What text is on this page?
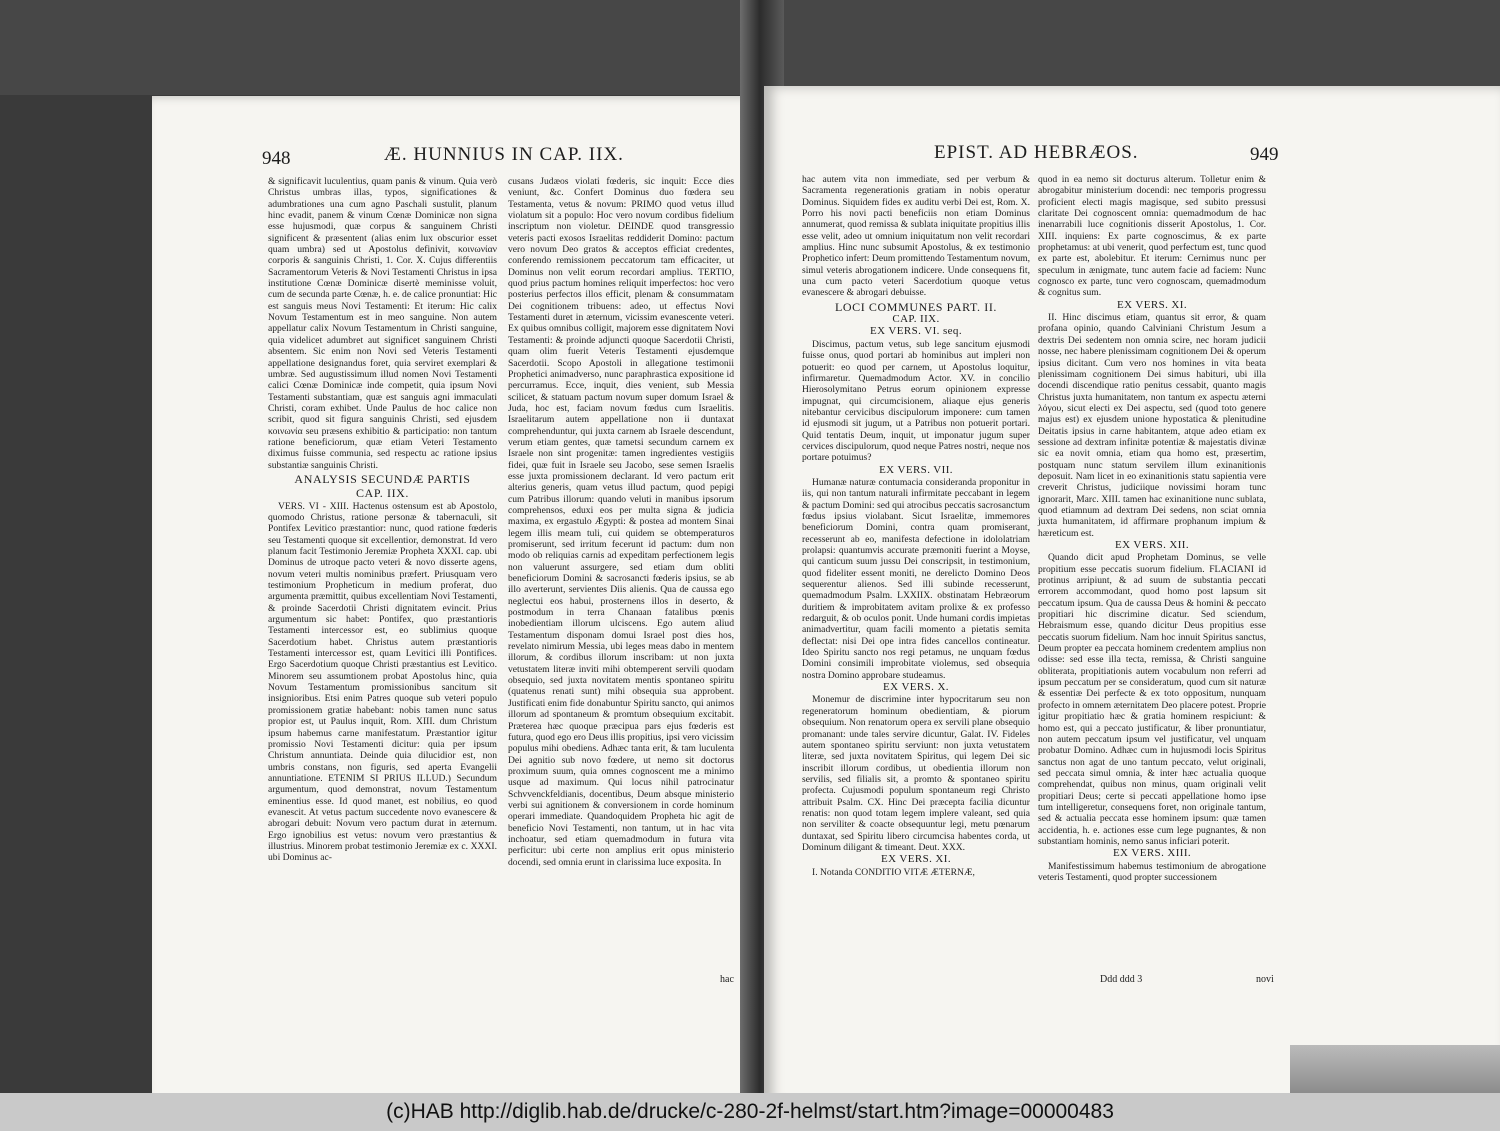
948	Æ. HUNNIUS IN CAP. IIX.

& significavit luculentius, quam panis & vinum. Quia verò Christus umbras illas, typos, significationes & adumbrationes una cum agno Paschali sustulit, planum hinc evadit, panem & vinum Cœnæ Dominicæ non signa esse hujusmodi, quæ corpus & sanguinem Christi significent & præsentent (alias enim lux obscurior esset quam umbra) sed ut Apostolus definivit, κοινωνίαν corporis & sanguinis Christi, 1. Cor. X. Cujus differentiis Sacramentorum Veteris & Novi Testamenti Christus in ipsa institutione Cœnæ Dominicæ disertè meminisse voluit, cum de secunda parte Cœnæ, h. e. de calice pronuntiat: Hic est sanguis meus Novi Testamenti: Et iterum: Hic calix Novum Testamentum est in meo sanguine. Non autem appellatur calix Novum Testamentum in Christi sanguine, quia videlicet adumbret aut significet sanguinem Christi absentem. Sic enim non Novi sed Veteris Testamenti appellatione designandus foret, quia serviret exemplari & umbræ. Sed augustissimum illud nomen Novi Testamenti calici Cœnæ Dominicæ inde competit, quia ipsum Novi Testamenti substantiam, quæ est sanguis agni immaculati Christi, coram exhibet. Unde Paulus de hoc calice non scribit, quod sit figura sanguinis Christi, sed ejusdem κοινωνία seu præsens exhibitio & participatio: non tantum ratione beneficiorum, quæ etiam Veteri Testamento diximus fuisse communia, sed respectu ac ratione ipsius substantiæ sanguinis Christi.

ANALYSIS SECUNDÆ PARTIS
CAP. IIX.

VERS. VI - XIII. Hactenus ostensum est ab Apostolo, quomodo Christus, ratione personæ & tabernaculi, sit Pontifex Levitico præstantior: nunc, quod ratione fœderis seu Testamenti quoque sit excellentior, demonstrat. Id vero planum facit Testimonio Jeremiæ Propheta XXXI. cap. ubi Dominus de utroque pacto veteri & novo disserte agens, novum veteri multis nominibus præfert. Priusquam vero testimonium Propheticum in medium proferat, duo argumenta præmittit, quibus excellentiam Novi Testamenti, & proinde Sacerdotii Christi dignitatem evincit. Prius argumentum sic habet: Pontifex, quo præstantioris Testamenti intercessor est, eo sublimius quoque Sacerdotium habet. Christus autem præstantioris Testamenti intercessor est, quam Levitici illi Pontifices. Ergo Sacerdotium quoque Christi præstantius est Levitico. Minorem seu assumtionem probat Apostolus hinc, quia Novum Testamentum promissionibus sancitum sit insignioribus. Etsi enim Patres quoque sub veteri populo promissionem gratiæ habebant: nobis tamen nunc satus propior est, ut Paulus inquit, Rom. XIII. dum Christum ipsum habemus carne manifestatum. Præstantior igitur promissio Novi Testamenti dicitur: quia per ipsum Christum annuntiata. Deinde quia dilucidior est, non umbris constans, non figuris, sed aperta Evangelii annuntiatione. ETENIM SI PRIUS ILLUD.) Secundum argumentum, quod demonstrat, novum Testamentum eminentius esse. Id quod manet, est nobilius, eo quod evanescit. At vetus pactum succedente novo evanescere & abrogari debuit: Novum vero pactum durat in æternum. Ergo ignobilius est vetus: novum vero præstantius & illustrius. Minorem probat testimonio Jeremiæ ex c. XXXI. ubi Dominus ac-

cusans Judæos violati fœderis, sic inquit: Ecce dies veniunt, &c. Confert Dominus duo fœdera seu Testamenta, vetus & novum: PRIMO quod vetus illud violatum sit a populo: Hoc vero novum cordibus fidelium inscriptum non violetur. DEINDE quod transgressio veteris pacti exosos Israelitas reddiderit Domino: pactum vero novum Deo gratos & acceptos efficiat credentes, conferendo remissionem peccatorum tam efficaciter, ut Dominus non velit eorum recordari amplius. TERTIO, quod prius pactum homines reliquit imperfectos: hoc vero posterius perfectos illos efficit, plenam & consummatam Dei cognitionem tribuens: adeo, ut effectus Novi Testamenti duret in æternum, vicissim evanescente veteri. Ex quibus omnibus colligit, majorem esse dignitatem Novi Testamenti: & proinde adjuncti quoque Sacerdotii Christi, quam olim fuerit Veteris Testamenti ejusdemque Sacerdotii. Scopo Apostoli in allegatione testimonii Prophetici animadverso, nunc paraphrastica expositione id percurramus. Ecce, inquit, dies venient, sub Messia scilicet, & statuam pactum novum super domum Israel & Juda, hoc est, faciam novum fœdus cum Israelitis. Israelitarum autem appellatione non ii duntaxat comprehenduntur, qui juxta carnem ab Israele descendunt, verum etiam gentes, quæ tametsi secundum carnem ex Israele non sint progenitæ: tamen ingredientes vestigiis fidei, quæ fuit in Israele seu Jacobo, sese semen Israelis esse juxta promissionem declarant. Id vero pactum erit alterius generis, quam vetus illud pactum, quod pepigi cum Patribus illorum: quando veluti in manibus ipsorum comprehensos, eduxi eos per multa signa & judicia maxima, ex ergastulo Ægypti: & postea ad montem Sinai legem illis meam tuli, cui quidem se obtemperaturos promiserunt, sed irritum fecerunt id pactum: dum non modo ob reliquias carnis ad expeditam perfectionem legis non valuerunt assurgere, sed etiam dum obliti beneficiorum Domini & sacrosancti fœderis ipsius, se ab illo averterunt, servientes Diis alienis. Qua de caussa ego neglectui eos habui, prosternens illos in deserto, & postmodum in terra Chanaan fatalibus pœnis inobedientiam illorum ulciscens. Ego autem aliud Testamentum disponam domui Israel post dies hos, revelato nimirum Messia, ubi leges meas dabo in mentem illorum, & cordibus illorum inscribam: ut non juxta vetustatem literæ inviti mihi obtemperent servili quodam obsequio, sed juxta novitatem mentis spontaneo spiritu (quatenus renati sunt) mihi obsequia sua approbent. Justificati enim fide donabuntur Spiritu sancto, qui animos illorum ad spontaneum & promtum obsequium excitabit. Præterea hæc quoque præcipua pars ejus fœderis est futura, quod ego ero Deus illis propitius, ipsi vero vicissim populus mihi obediens. Adhæc tanta erit, & tam luculenta Dei agnitio sub novo fœdere, ut nemo sit doctorus proximum suum, quia omnes cognoscent me a minimo usque ad maximum. Qui locus nihil patrocinatur Schvvenckfeldianis, docentibus, Deum absque ministerio verbi sui agnitionem & conversionem in corde hominum operari immediate. Quandoquidem Propheta hic agit de beneficio Novi Testamenti, non tantum, ut in hac vita inchoatur, sed etiam quemadmodum in futura vita perficitur: ubi certe non amplius erit opus ministerio docendi, sed omnia erunt in clarissima luce exposita. In

hac
EPIST. AD HEBRÆOS.	949

hac autem vita non immediate, sed per verbum & Sacramenta regenerationis gratiam in nobis operatur Dominus. Siquidem fides ex auditu verbi Dei est, Rom. X. Porro his novi pacti beneficiis non etiam Dominus annumerat, quod remissa & sublata iniquitate propitius illis esse velit, adeo ut omnium iniquitatum non velit recordari amplius. Hinc nunc subsumit Apostolus, & ex testimonio Prophetico infert: Deum promittendo Testamentum novum, simul veteris abrogationem indicere. Unde consequens fit, una cum pacto veteri Sacerdotium quoque vetus evanescere & abrogari debuisse.

LOCI COMMUNES PART. II.
CAP. IIX.
EX VERS. VI. seq.

Discimus, pactum vetus, sub lege sancitum ejusmodi fuisse onus, quod portari ab hominibus aut impleri non potuerit: eo quod per carnem, ut Apostolus loquitur, infirmaretur. Quemadmodum Actor. XV. in concilio Hierosolymitano Petrus eorum opinionem expresse impugnat, qui circumcisionem, aliaque ejus generis nitebantur cervicibus discipulorum imponere: cum tamen id ejusmodi sit jugum, ut a Patribus non potuerit portari. Quid tentatis Deum, inquit, ut imponatur jugum super cervices discipulorum, quod neque Patres nostri, neque nos portare potuimus?

EX VERS. VII.

Humanæ naturæ contumacia consideranda proponitur in iis, qui non tantum naturali infirmitate peccabant in legem & pactum Domini: sed qui atrocibus peccatis sacrosanctum fœdus ipsius violabant. Sicut Israelitæ, immemores beneficiorum Domini, contra quam promiserant, recesserunt ab eo, manifesta defectione in idololatriam prolapsi: quantumvis accurate præmoniti fuerint a Moyse, qui canticum suum jussu Dei conscripsit, in testimonium, quod fideliter essent moniti, ne derelicto Domino Deos sequerentur alienos. Sed illi subinde recesserunt, quemadmodum Psalm. LXXIIX. obstinatam Hebræorum duritiem & improbitatem avitam prolixe & ex professo redarguit, & ob oculos ponit. Unde humani cordis impietas animadvertitur, quam facili momento a pietatis semita deflectat: nisi Dei ope intra fides cancellos contineatur. Ideo Spiritu sancto nos regi petamus, ne unquam fœdus Domini consimili improbitate violemus, sed obsequia nostra Domino approbare studeamus.

EX VERS. X.

Monemur de discrimine inter hypocritarum seu non regeneratorum hominum obedientiam, & piorum obsequium. Non renatorum opera ex servili plane obsequio promanant: unde tales servire dicuntur, Galat. IV. Fideles autem spontaneo spiritu serviunt: non juxta vetustatem literæ, sed juxta novitatem Spiritus, qui legem Dei sic inscribit illorum cordibus, ut obedientia illorum non servilis, sed filialis sit, a promto & spontaneo spiritu profecta. Cujusmodi populum spontaneum regi Christo attribuit Psalm. CX. Hinc Dei præcepta facilia dicuntur renatis: non quod totam legem implere valeant, sed quia non serviliter & coacte obsequuntur legi, metu pœnarum duntaxat, sed Spiritu libero circumcisa habentes corda, ut Dominum diligant & timeant. Deut. XXX.

EX VERS. XI.

I. Notanda CONDITIO VITÆ ÆTERNÆ,

quod in ea nemo sit docturus alterum. Tolletur enim & abrogabitur ministerium docendi: nec temporis progressu proficient electi magis magisque, sed subito pressusi claritate Dei cognoscent omnia: quemadmodum de hac inenarrabili luce cognitionis disserit Apostolus, 1. Cor. XIII. inquiens: Ex parte cognoscimus, & ex parte prophetamus: at ubi venerit, quod perfectum est, tunc quod ex parte est, abolebitur. Et iterum: Cernimus nunc per speculum in ænigmate, tunc autem facie ad faciem: Nunc cognosco ex parte, tunc vero cognoscam, quemadmodum & cognitus sum.

EX VERS. XI.

II. Hinc discimus etiam, quantus sit error, & quam profana opinio, quando Calviniani Christum Jesum a dextris Dei sedentem non omnia scire, nec horam judicii nosse, nec habere plenissimam cognitionem Dei & operum ipsius dicitant. Cum vero nos homines in vita beata plenissimam cognitionem Dei simus habituri, ubi illa docendi discendique ratio penitus cessabit, quanto magis Christus juxta humanitatem, non tantum ex aspectu æterni λόγου, sicut electi ex Dei aspectu, sed (quod toto genere majus est) ex ejusdem unione hypostatica & plenitudine Deitatis ipsius in carne habitantem, atque adeo etiam ex sessione ad dextram infinitæ potentiæ & majestatis divinæ sic ea novit omnia, etiam qua homo est, præsertim, postquam nunc statum servilem illum exinanitionis deposuit. Nam licet in eo exinanitionis statu sapientia vere creverit Christus, judiciique novissimi horam tunc ignorarit, Marc. XIII. tamen hac exinanitione nunc sublata, quod etiamnum ad dextram Dei sedens, non sciat omnia juxta humanitatem, id affirmare prophanum impium & hæreticum est.

EX VERS. XII.

Quando dicit apud Prophetam Dominus, se velle propitium esse peccatis suorum fidelium. FLACIANI id protinus arripiunt, & ad suum de substantia peccati errorem accommodant, quod homo post lapsum sit peccatum ipsum. Qua de caussa Deus & homini & peccato propitiari hic discrimine dicatur. Sed sciendum, Hebraismum esse, quando dicitur Deus propitius esse peccatis suorum fidelium. Nam hoc innuit Spiritus sanctus, Deum propter ea peccata hominem credentem amplius non odisse: sed esse illa tecta, remissa, & Christi sanguine obliterata, propitiationis autem vocabulum non referri ad ipsum peccatum per se consideratum, quod cum sit naturæ & essentiæ Dei perfecte & ex toto oppositum, nunquam profecto in omnem æternitatem Deo placere potest. Proprie igitur propitiatio hæc & gratia hominem respiciunt: & homo est, qui a peccato justificatur, & liber pronuntiatur, non autem peccatum ipsum vel justificatur, vel unquam probatur Domino. Adhæc cum in hujusmodi locis Spiritus sanctus non agat de uno tantum peccato, velut originali, sed peccata simul omnia, & inter hæc actualia quoque comprehendat, quibus non minus, quam originali velit propitiari Deus; certe si peccati appellatione homo ipse tum intelligeretur, consequens foret, non originale tantum, sed & actualia peccata esse hominem ipsum: quæ tamen accidentia, h. e. actiones esse cum lege pugnantes, & non substantiam hominis, nemo sanus inficiari poterit.

EX VERS. XIII.

Manifestissimum habemus testimonium de abrogatione veteris Testamenti, quod propter successionem

Ddd ddd 3	novi
(c)HAB http://diglib.hab.de/drucke/c-280-2f-helmst/start.htm?image=00000483
